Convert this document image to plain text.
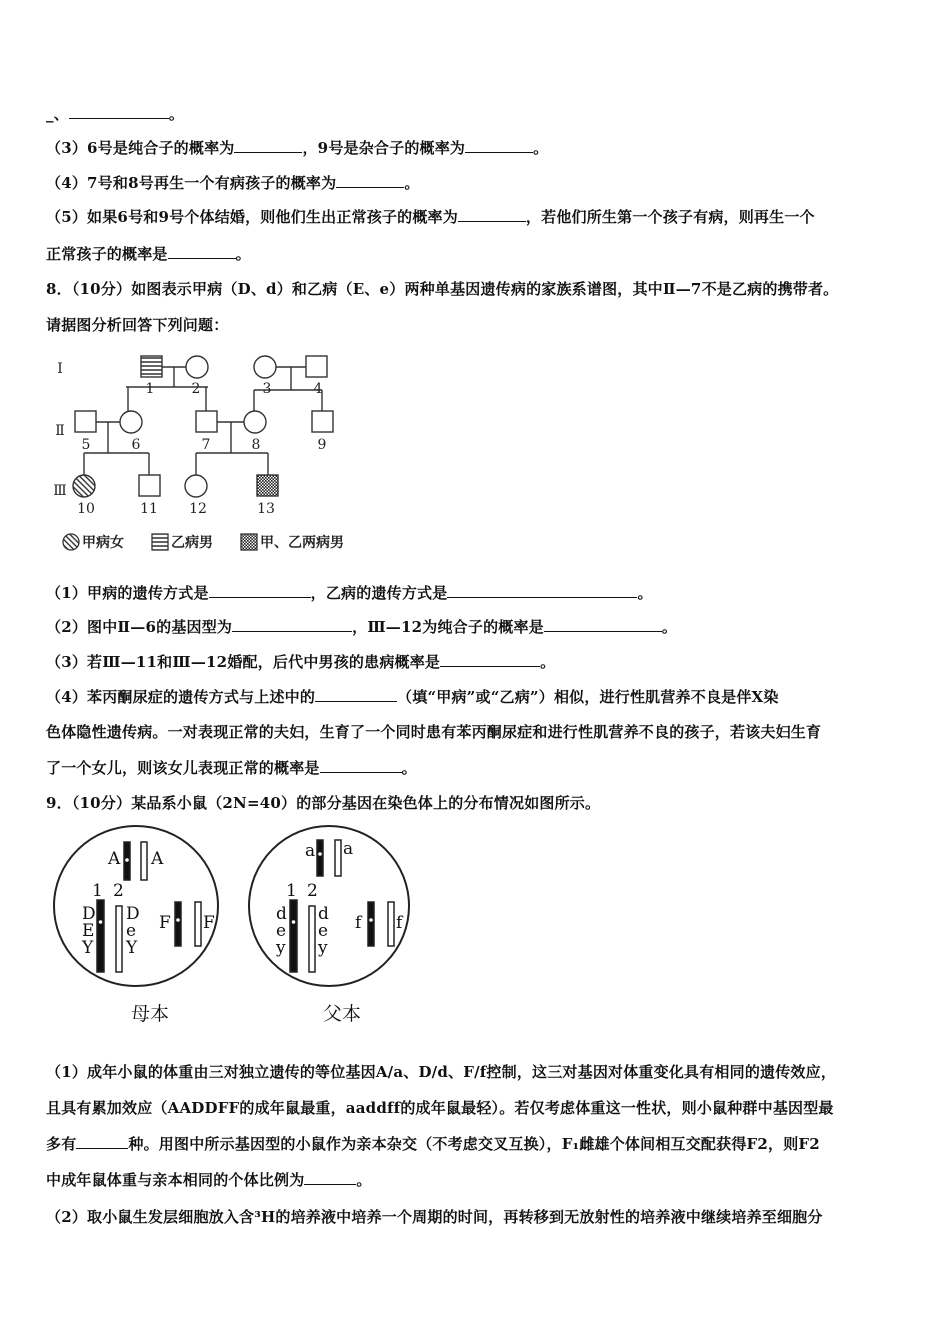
_、	。
（3）6号是纯合子的概率为	，9号是杂合子的概率为	。
（4）7号和8号再生一个有病孩子的概率为	。
（5）如果6号和9号个体结婚，则他们生出正常孩子的概率为	，若他们所生第一个孩子有病，则再生一个
正常孩子的概率是	。
8．（10分）如图表示甲病（D、d）和乙病（E、e）两种单基因遗传病的家族系谱图，其中Ⅱ—7不是乙病的携带者。
请据图分析回答下列问题：
Ⅰ
Ⅱ
Ⅲ
1	2	3	4
5	6	7	8	9
10	11 12	13
甲病女	乙病男	甲、乙两病男
（1）甲病的遗传方式是	，乙病的遗传方式是	。
（2）图中Ⅱ—6的基因型为	，Ⅲ—12为纯合子的概率是	。
（3）若Ⅲ—11和Ⅲ—12婚配，后代中男孩的患病概率是	。
（4）苯丙酮尿症的遗传方式与上述中的	（填“甲病”或“乙病”）相似，进行性肌营养不良是伴X染
色体隐性遗传病。一对表现正常的夫妇，生育了一个同时患有苯丙酮尿症和进行性肌营养不良的孩子，若该夫妇生育
了一个女儿，则该女儿表现正常的概率是	。
9．（10分）某品系小鼠（2N=40）的部分基因在染色体上的分布情况如图所示。
A A
1 2
D
E
Y
D
e
Y
F F
a a
1 2
d
e
y
d
e
y
f f
母本	父本
（1）成年小鼠的体重由三对独立遗传的等位基因A/a、D/d、F/f控制，这三对基因对体重变化具有相同的遗传效应，
且具有累加效应（AADDFF的成年鼠最重，aaddff的成年鼠最轻）。若仅考虑体重这一性状，则小鼠种群中基因型最
多有	种。用图中所示基因型的小鼠作为亲本杂交（不考虑交叉互换），F₁雌雄个体间相互交配获得F2，则F2
中成年鼠体重与亲本相同的个体比例为	。
（2）取小鼠生发层细胞放入含³H的培养液中培养一个周期的时间，再转移到无放射性的培养液中继续培养至细胞分
